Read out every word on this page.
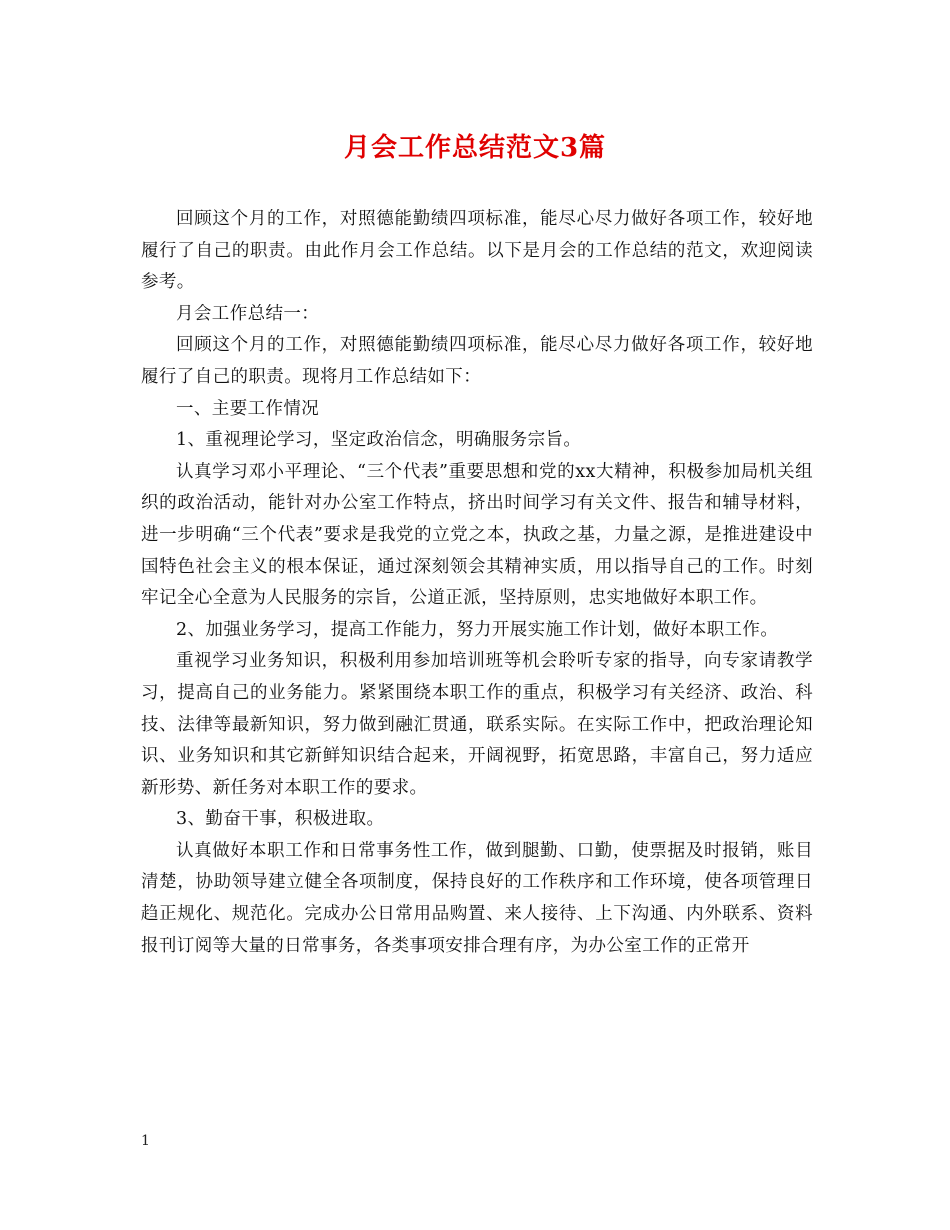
月会工作总结范文3篇

回顾这个月的工作，对照德能勤绩四项标准，能尽心尽力做好各项工作，较好地履行了自己的职责。由此作月会工作总结。以下是月会的工作总结的范文，欢迎阅读参考。

月会工作总结一：

回顾这个月的工作，对照德能勤绩四项标准，能尽心尽力做好各项工作，较好地履行了自己的职责。现将月工作总结如下：

一、主要工作情况

1、重视理论学习，坚定政治信念，明确服务宗旨。

认真学习邓小平理论、“三个代表”重要思想和党的xx大精神，积极参加局机关组织的政治活动，能针对办公室工作特点，挤出时间学习有关文件、报告和辅导材料，进一步明确“三个代表”要求是我党的立党之本，执政之基，力量之源，是推进建设中国特色社会主义的根本保证，通过深刻领会其精神实质，用以指导自己的工作。时刻牢记全心全意为人民服务的宗旨，公道正派，坚持原则，忠实地做好本职工作。

2、加强业务学习，提高工作能力，努力开展实施工作计划，做好本职工作。

重视学习业务知识，积极利用参加培训班等机会聆听专家的指导，向专家请教学习，提高自己的业务能力。紧紧围绕本职工作的重点，积极学习有关经济、政治、科技、法律等最新知识，努力做到融汇贯通，联系实际。在实际工作中，把政治理论知识、业务知识和其它新鲜知识结合起来，开阔视野，拓宽思路，丰富自己，努力适应新形势、新任务对本职工作的要求。

3、勤奋干事，积极进取。

认真做好本职工作和日常事务性工作，做到腿勤、口勤，使票据及时报销，账目清楚，协助领导建立健全各项制度，保持良好的工作秩序和工作环境，使各项管理日趋正规化、规范化。完成办公日常用品购置、来人接待、上下沟通、内外联系、资料报刊订阅等大量的日常事务，各类事项安排合理有序，为办公室工作的正常开

1
